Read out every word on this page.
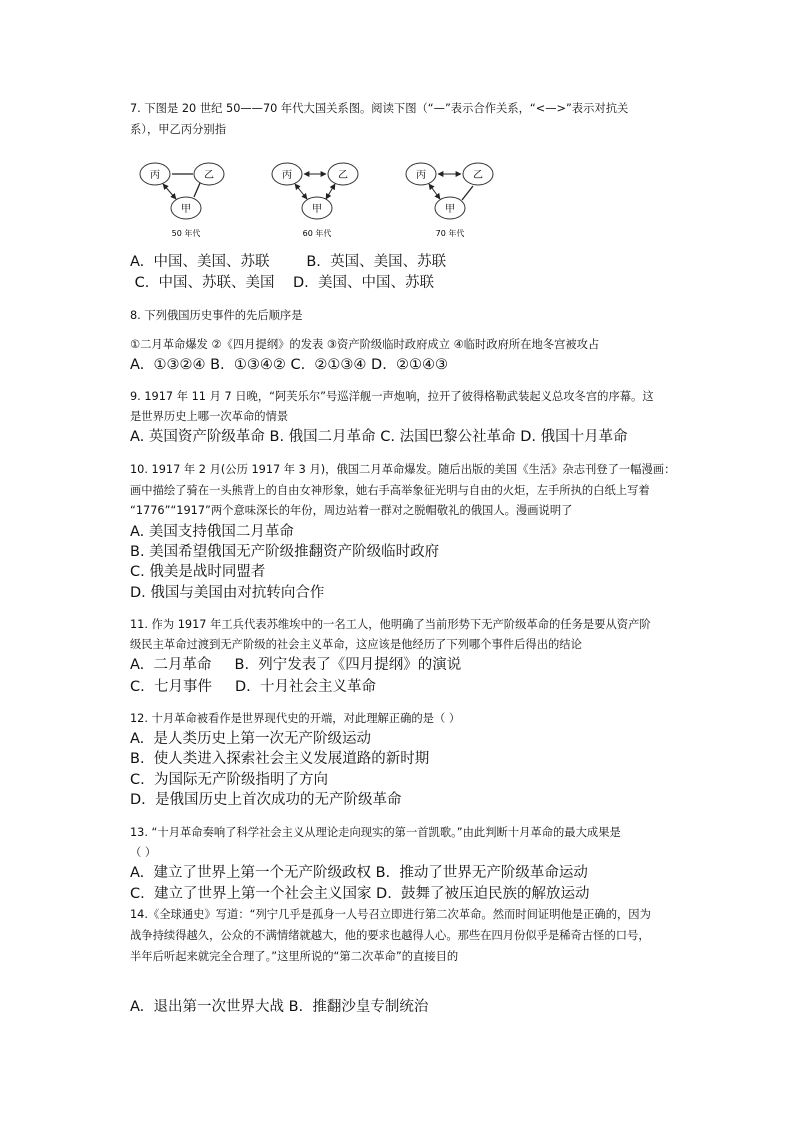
7. 下图是 20 世纪 50——70 年代大国关系图。阅读下图（“—”表示合作关系，“<—>”表示对抗关
系），甲乙丙分别指
丙	乙
甲
50 年代
丙	乙
甲
60 年代
丙	乙
甲
70 年代
A.  中国、美国、苏联        B.  英国、美国、苏联
C.  中国、苏联、美国    D.  美国、中国、苏联
8. 下列俄国历史事件的先后顺序是
①二月革命爆发 ②《四月提纲》的发表 ③资产阶级临时政府成立 ④临时政府所在地冬宫被攻占
A.  ①③②④ B.  ①③④② C.  ②①③④ D.  ②①④③
9. 1917 年 11 月 7 日晚，“阿芙乐尔”号巡洋舰一声炮响，拉开了彼得格勒武装起义总攻冬宫的序幕。这
是世界历史上哪一次革命的情景
A. 英国资产阶级革命 B. 俄国二月革命 C. 法国巴黎公社革命 D. 俄国十月革命
10. 1917 年 2 月(公历 1917 年 3 月)，俄国二月革命爆发。随后出版的美国《生活》杂志刊登了一幅漫画：
画中描绘了骑在一头熊背上的自由女神形象，她右手高举象征光明与自由的火炬，左手所执的白纸上写着
“1776”“1917”两个意味深长的年份，周边站着一群对之脱帽敬礼的俄国人。漫画说明了
A. 美国支持俄国二月革命
B. 美国希望俄国无产阶级推翻资产阶级临时政府
C. 俄美是战时同盟者
D. 俄国与美国由对抗转向合作
11. 作为 1917 年工兵代表苏维埃中的一名工人，他明确了当前形势下无产阶级革命的任务是要从资产阶
级民主革命过渡到无产阶级的社会主义革命，这应该是他经历了下列哪个事件后得出的结论
A.  二月革命     B.  列宁发表了《四月提纲》的演说
C.  七月事件     D.  十月社会主义革命
12. 十月革命被看作是世界现代史的开端，对此理解正确的是（ ）
A.  是人类历史上第一次无产阶级运动
B.  使人类进入探索社会主义发展道路的新时期
C.  为国际无产阶级指明了方向
D.  是俄国历史上首次成功的无产阶级革命
13. “十月革命奏响了科学社会主义从理论走向现实的第一首凯歌。”由此判断十月革命的最大成果是
（ ）
A.  建立了世界上第一个无产阶级政权 B.  推动了世界无产阶级革命运动
C.  建立了世界上第一个社会主义国家 D.  鼓舞了被压迫民族的解放运动
14.《全球通史》写道：“列宁几乎是孤身一人号召立即进行第二次革命。然而时间证明他是正确的，因为
战争持续得越久，公众的不满情绪就越大，他的要求也越得人心。那些在四月份似乎是稀奇古怪的口号，
半年后听起来就完全合理了。”这里所说的“第二次革命”的直接目的
A.  退出第一次世界大战 B.  推翻沙皇专制统治
